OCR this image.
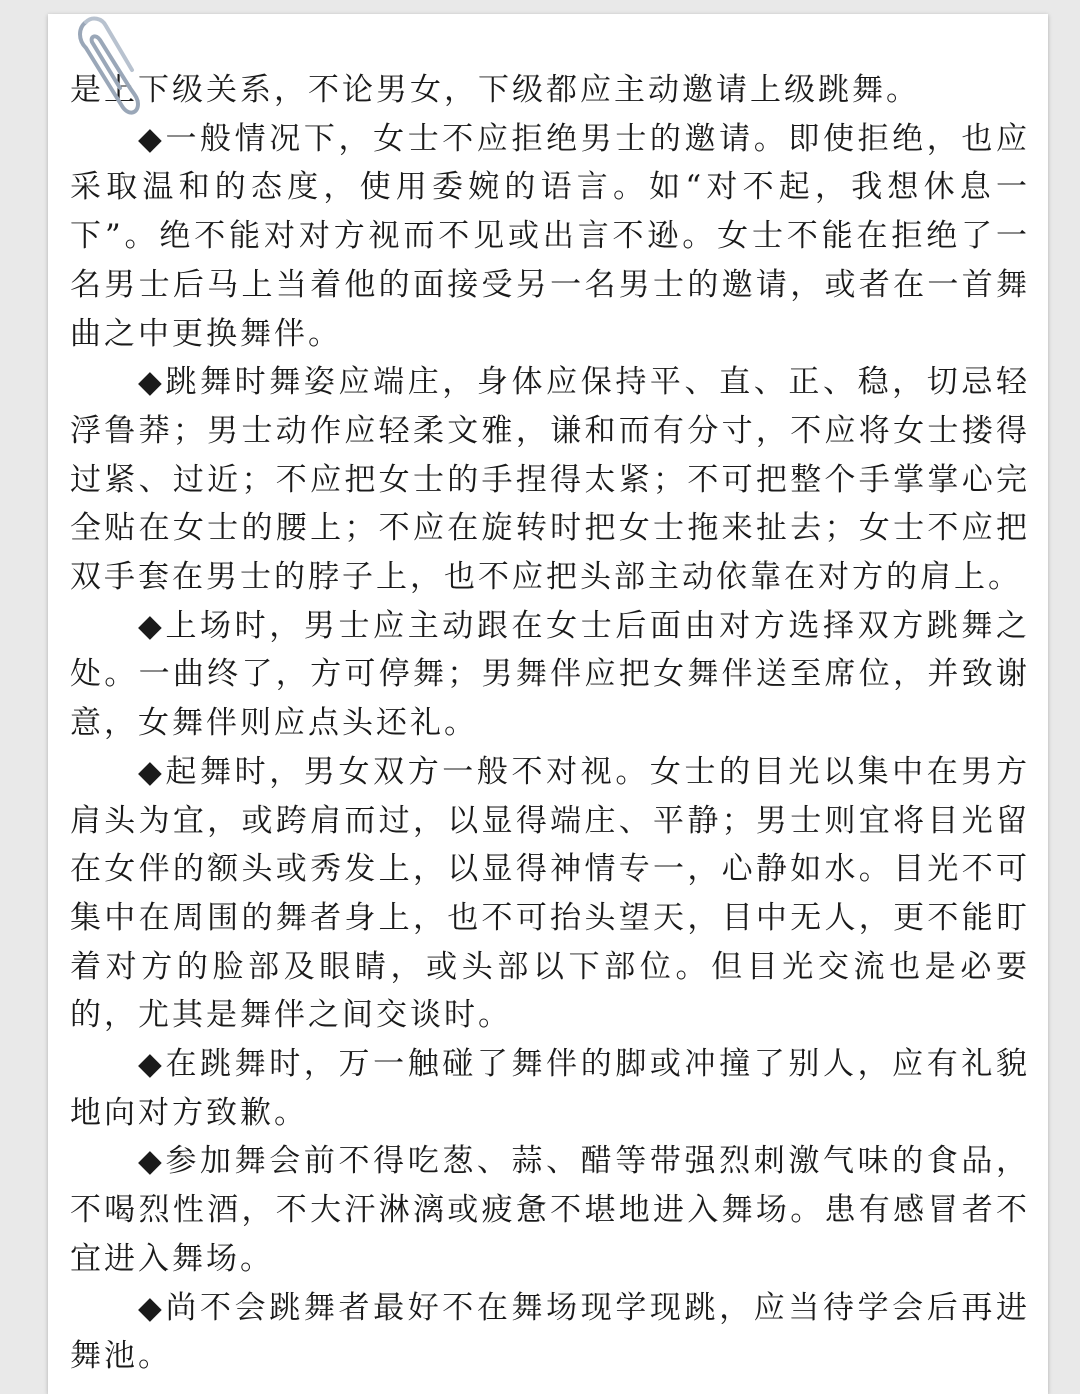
是上下级关系，不论男女，下级都应主动邀请上级跳舞。

◆一般情况下，女士不应拒绝男士的邀请。即使拒绝，也应采取温和的态度，使用委婉的语言。如“对不起，我想休息一下”。绝不能对对方视而不见或出言不逊。女士不能在拒绝了一名男士后马上当着他的面接受另一名男士的邀请，或者在一首舞曲之中更换舞伴。

◆跳舞时舞姿应端庄，身体应保持平、直、正、稳，切忌轻浮鲁莽；男士动作应轻柔文雅，谦和而有分寸，不应将女士搂得过紧、过近；不应把女士的手捏得太紧；不可把整个手掌掌心完全贴在女士的腰上；不应在旋转时把女士拖来扯去；女士不应把双手套在男士的脖子上，也不应把头部主动依靠在对方的肩上。

◆上场时，男士应主动跟在女士后面由对方选择双方跳舞之处。一曲终了，方可停舞；男舞伴应把女舞伴送至席位，并致谢意，女舞伴则应点头还礼。

◆起舞时，男女双方一般不对视。女士的目光以集中在男方肩头为宜，或跨肩而过，以显得端庄、平静；男士则宜将目光留在女伴的额头或秀发上，以显得神情专一，心静如水。目光不可集中在周围的舞者身上，也不可抬头望天，目中无人，更不能盯着对方的脸部及眼睛，或头部以下部位。但目光交流也是必要的，尤其是舞伴之间交谈时。

◆在跳舞时，万一触碰了舞伴的脚或冲撞了别人，应有礼貌地向对方致歉。

◆参加舞会前不得吃葱、蒜、醋等带强烈刺激气味的食品，不喝烈性酒，不大汗淋漓或疲惫不堪地进入舞场。患有感冒者不宜进入舞场。

◆尚不会跳舞者最好不在舞场现学现跳，应当待学会后再进舞池。
